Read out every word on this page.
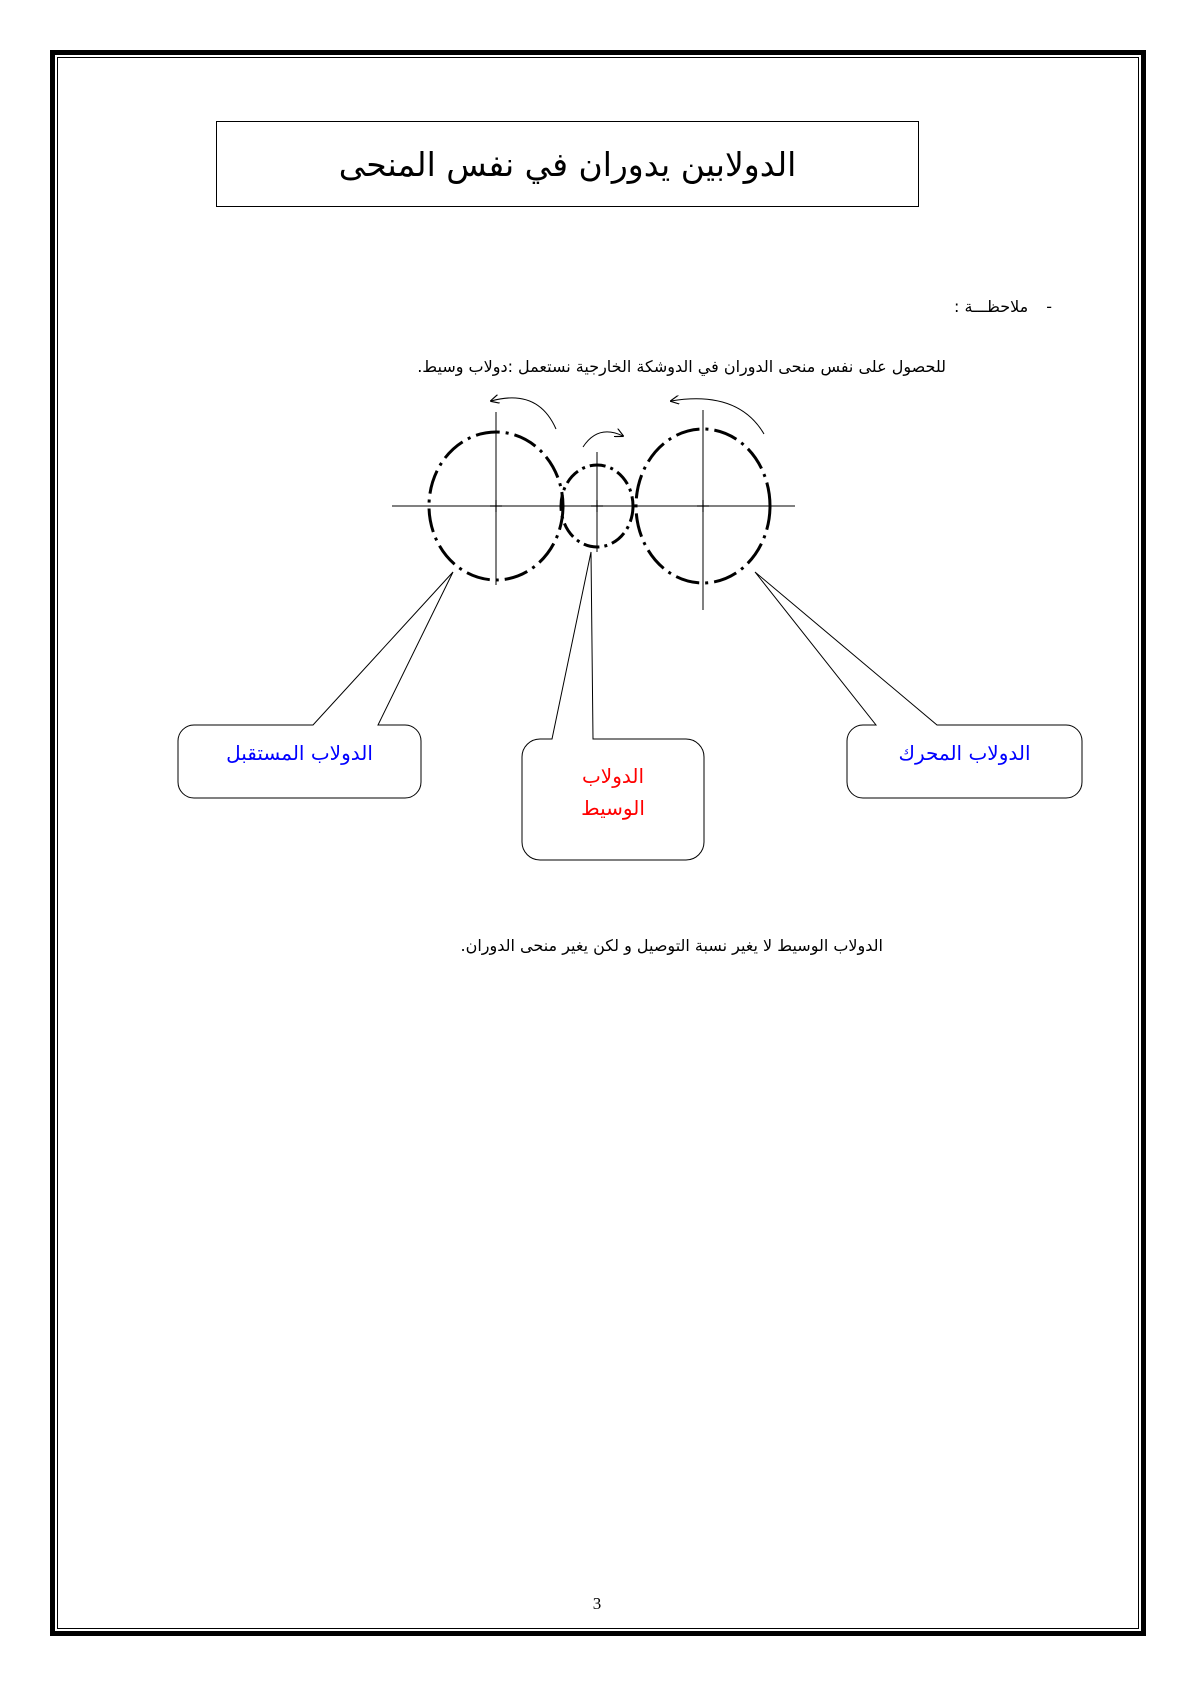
الدولابين يدوران في نفس المنحى
-ملاحظـــة :
للحصول على نفس منحى الدوران في الدوشكة الخارجية نستعمل :دولاب وسيط.
الدولاب المستقبل
الدولاب
الوسيط
الدولاب المحرك
الدولاب الوسيط لا يغير نسبة التوصيل و لكن يغير منحى الدوران.
3
